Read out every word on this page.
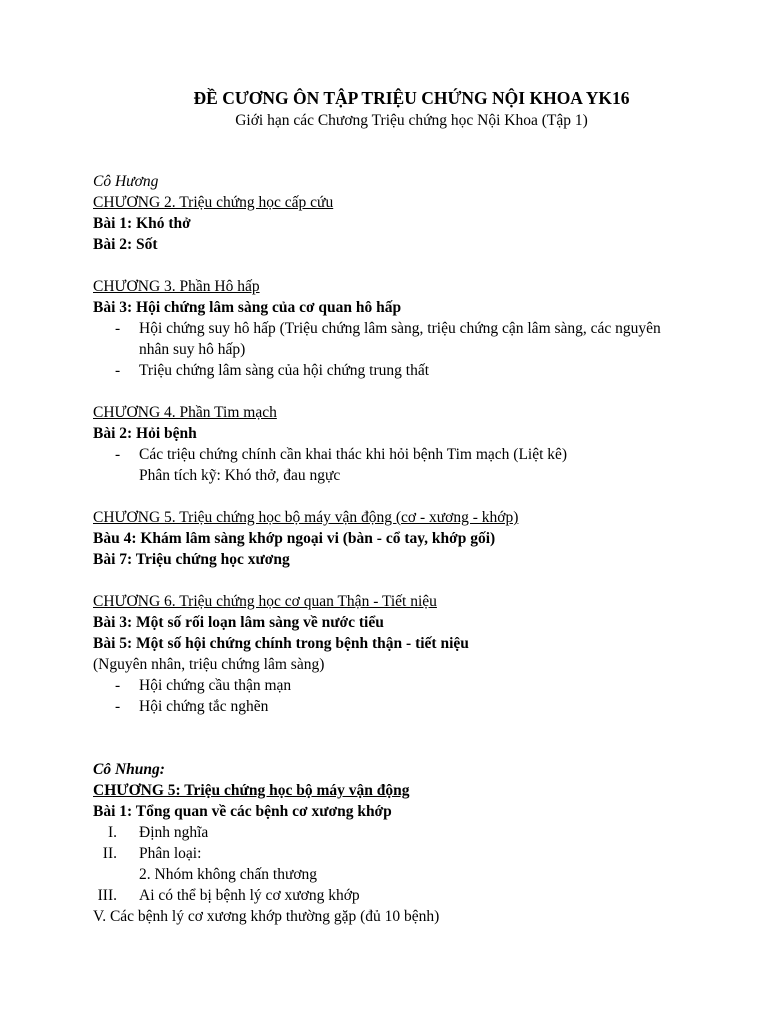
ĐỀ CƯƠNG ÔN TẬP TRIỆU CHỨNG NỘI KHOA YK16
Giới hạn các Chương Triệu chứng học Nội Khoa (Tập 1)
Cô Hương
CHƯƠNG 2. Triệu chứng học cấp cứu
Bài 1: Khó thở
Bài 2: Sốt
CHƯƠNG 3. Phần Hô hấp
Bài 3: Hội chứng lâm sàng của cơ quan hô hấp
- Hội chứng suy hô hấp (Triệu chứng lâm sàng, triệu chứng cận lâm sàng, các nguyên nhân suy hô hấp)
- Triệu chứng lâm sàng của hội chứng trung thất
CHƯƠNG 4. Phần Tim mạch
Bài 2: Hỏi bệnh
- Các triệu chứng chính cần khai thác khi hỏi bệnh Tim mạch (Liệt kê)
Phân tích kỹ: Khó thở, đau ngực
CHƯƠNG 5. Triệu chứng học bộ máy vận động (cơ - xương - khớp)
Bàu 4: Khám lâm sàng khớp ngoại vi (bàn - cổ tay, khớp gối)
Bài 7: Triệu chứng học xương
CHƯƠNG 6. Triệu chứng học cơ quan Thận - Tiết niệu
Bài 3: Một số rối loạn lâm sàng về nước tiểu
Bài 5: Một số hội chứng chính trong bệnh thận - tiết niệu
(Nguyên nhân, triệu chứng lâm sàng)
- Hội chứng cầu thận mạn
- Hội chứng tắc nghẽn
Cô Nhung:
CHƯƠNG 5: Triệu chứng học bộ máy vận động
Bài 1: Tổng quan về các bệnh cơ xương khớp
I. Định nghĩa
II. Phân loại:
2. Nhóm không chấn thương
III. Ai có thể bị bệnh lý cơ xương khớp
V. Các bệnh lý cơ xương khớp thường gặp (đủ 10 bệnh)
